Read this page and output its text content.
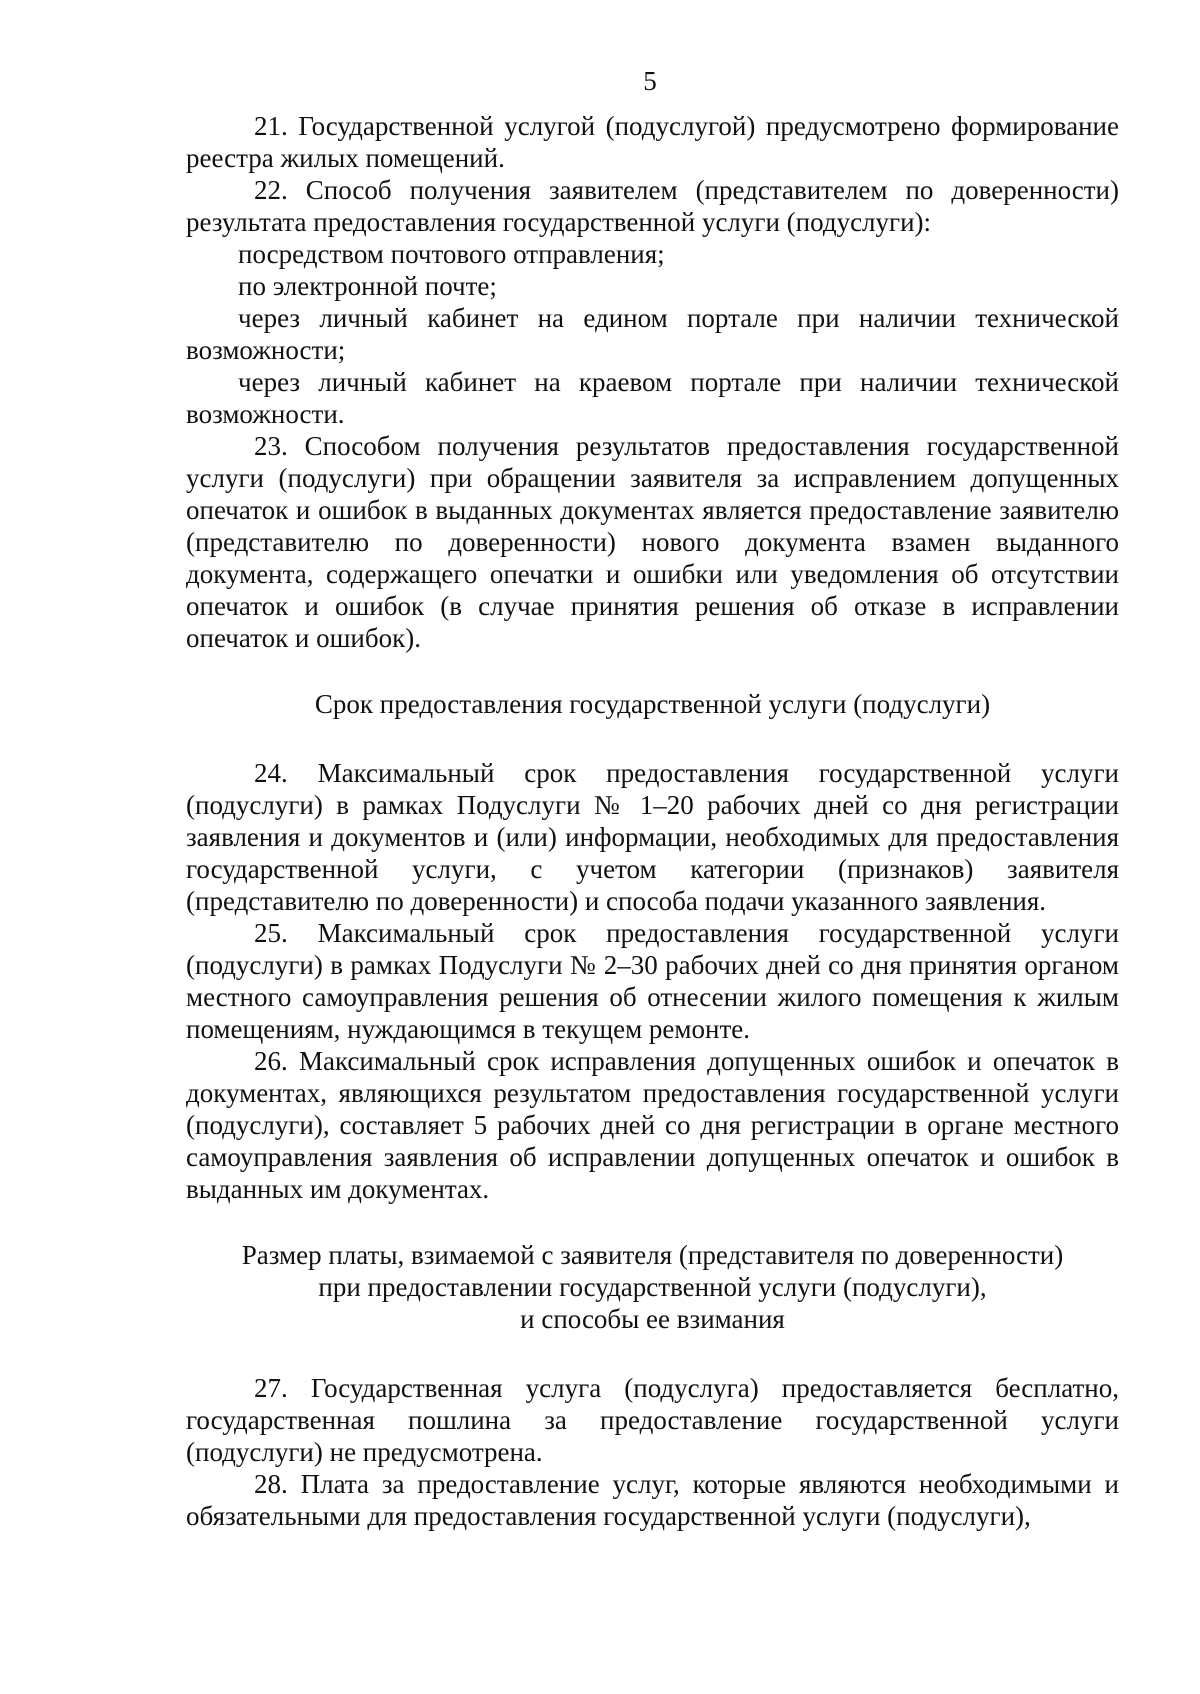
5

21. Государственной услугой (подуслугой) предусмотрено формирование реестра жилых помещений.

22. Способ получения заявителем (представителем по доверенности) результата предоставления государственной услуги (подуслуги):

посредством почтового отправления;

по электронной почте;

через личный кабинет на едином портале при наличии технической возможности;

через личный кабинет на краевом портале при наличии технической возможности.

23. Способом получения результатов предоставления государственной услуги (подуслуги) при обращении заявителя за исправлением допущенных опечаток и ошибок в выданных документах является предоставление заявителю (представителю по доверенности) нового документа взамен выданного документа, содержащего опечатки и ошибки или уведомления об отсутствии опечаток и ошибок (в случае принятия решения об отказе в исправлении опечаток и ошибок).

Срок предоставления государственной услуги (подуслуги)

24. Максимальный срок предоставления государственной услуги (подуслуги) в рамках Подуслуги № 1–20 рабочих дней со дня регистрации заявления и документов и (или) информации, необходимых для предоставления государственной услуги, с учетом категории (признаков) заявителя (представителю по доверенности) и способа подачи указанного заявления.

25. Максимальный срок предоставления государственной услуги (подуслуги) в рамках Подуслуги № 2–30 рабочих дней со дня принятия органом местного самоуправления решения об отнесении жилого помещения к жилым помещениям, нуждающимся в текущем ремонте.

26. Максимальный срок исправления допущенных ошибок и опечаток в документах, являющихся результатом предоставления государственной услуги (подуслуги), составляет 5 рабочих дней со дня регистрации в органе местного самоуправления заявления об исправлении допущенных опечаток и ошибок в выданных им документах.

Размер платы, взимаемой с заявителя (представителя по доверенности)

при предоставлении государственной услуги (подуслуги),

и способы ее взимания

27. Государственная услуга (подуслуга) предоставляется бесплатно, государственная пошлина за предоставление государственной услуги (подуслуги) не предусмотрена.

28. Плата за предоставление услуг, которые являются необходимыми и обязательными для предоставления государственной услуги (подуслуги),
